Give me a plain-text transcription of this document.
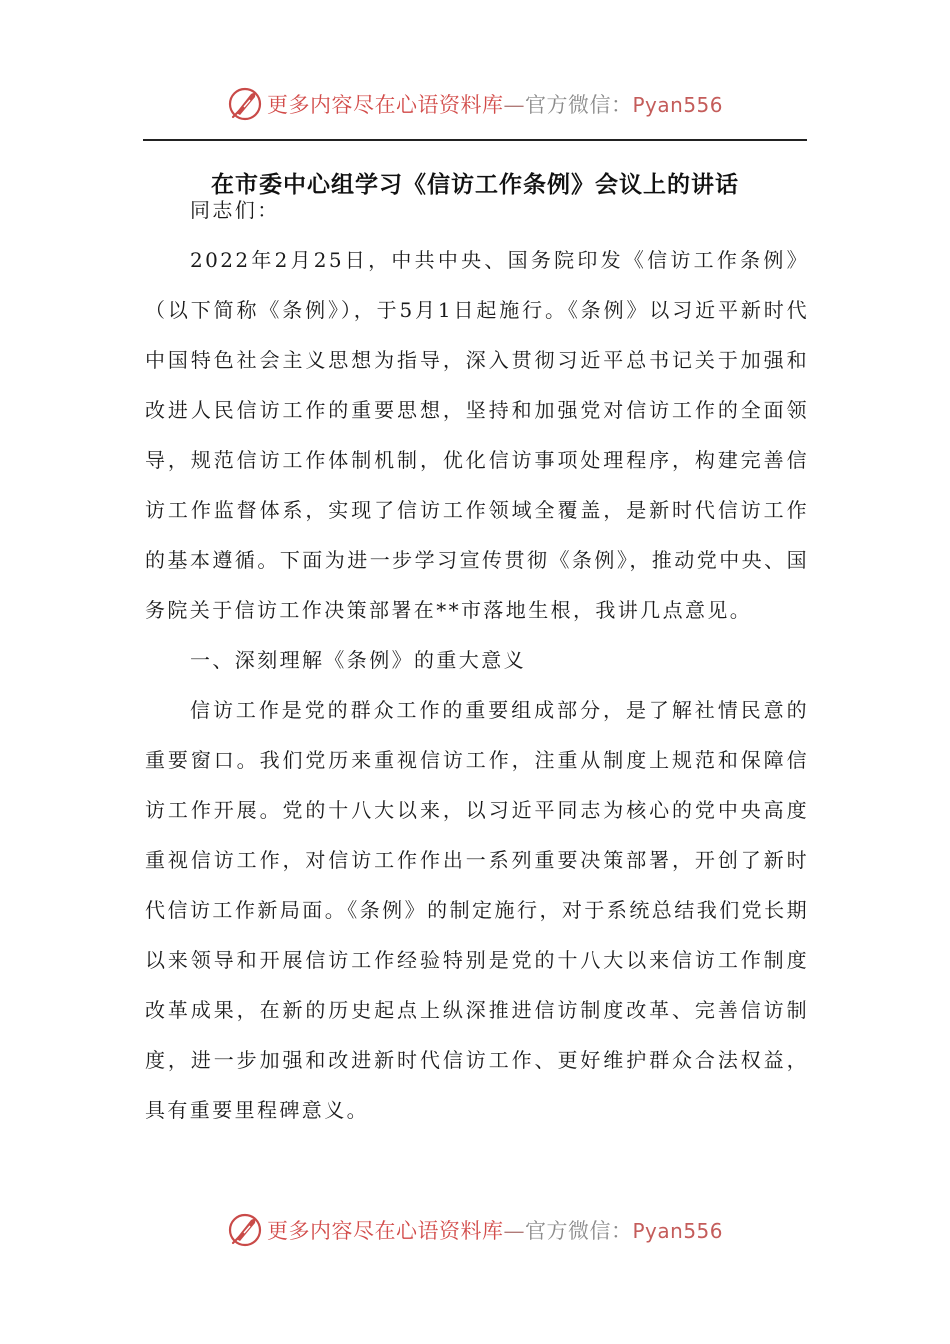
更多内容尽在心语资料库—官方微信：Pyan556
在市委中心组学习《信访工作条例》会议上的讲话

同志们：

2022年2月25日，中共中央、国务院印发《信访工作条例》（以下简称《条例》），于5月1日起施行。《条例》以习近平新时代中国特色社会主义思想为指导，深入贯彻习近平总书记关于加强和改进人民信访工作的重要思想，坚持和加强党对信访工作的全面领导，规范信访工作体制机制，优化信访事项处理程序，构建完善信访工作监督体系，实现了信访工作领域全覆盖，是新时代信访工作的基本遵循。下面为进一步学习宣传贯彻《条例》，推动党中央、国务院关于信访工作决策部署在**市落地生根，我讲几点意见。

一、深刻理解《条例》的重大意义

信访工作是党的群众工作的重要组成部分，是了解社情民意的重要窗口。我们党历来重视信访工作，注重从制度上规范和保障信访工作开展。党的十八大以来，以习近平同志为核心的党中央高度重视信访工作，对信访工作作出一系列重要决策部署，开创了新时代信访工作新局面。《条例》的制定施行，对于系统总结我们党长期以来领导和开展信访工作经验特别是党的十八大以来信访工作制度改革成果，在新的历史起点上纵深推进信访制度改革、完善信访制度，进一步加强和改进新时代信访工作、更好维护群众合法权益，具有重要里程碑意义。

更多内容尽在心语资料库—官方微信：Pyan556
